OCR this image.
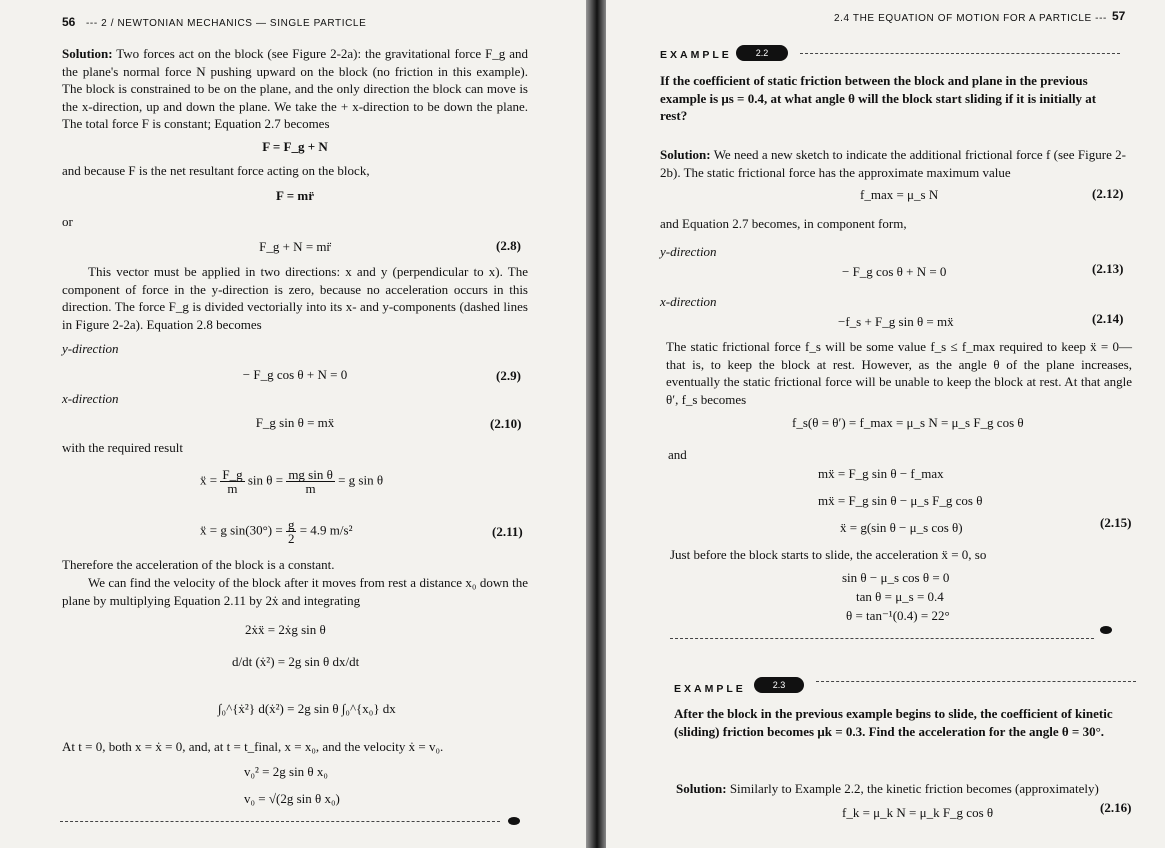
56 --- 2 / NEWTONIAN MECHANICS — SINGLE PARTICLE
Solution: Two forces act on the block (see Figure 2-2a): the gravitational force F_g and the plane's normal force N pushing upward on the block (no friction in this example). The block is constrained to be on the plane, and the only direction the block can move is the x-direction, up and down the plane. We take the + x-direction to be down the plane. The total force F is constant; Equation 2.7 becomes
F = F_g + N
and because F is the net resultant force acting on the block,
F = mr̈
or
F_g + N = mr̈	(2.8)
This vector must be applied in two directions: x and y (perpendicular to x). The component of force in the y-direction is zero, because no acceleration occurs in this direction. The force F_g is divided vectorially into its x- and y-components (dashed lines in Figure 2-2a). Equation 2.8 becomes
y-direction
− F_g cos θ + N = 0	(2.9)
x-direction
F_g sin θ = mẍ	(2.10)
with the required result
ẍ = $\frac{F\_g}{m}$ $\sin \theta = \frac{\text{mg sin θ}}{m} = g$ sin θ
ẍ = g $\sin(30^\circ) = \frac{g}{2} = 4.9$ m/s²	(2.11)
Therefore the acceleration of the block is a constant.
We can find the velocity of the block after it moves from rest a distance x₀ down the plane by multiplying Equation 2.11 by 2ẋ and integrating
2ẋẍ = 2ẋg sin θ
d/dt (ẋ²) = 2g sin θ dx/dt
∫₀^{ẋ²} d(ẋ²) = 2g sin θ ∫₀^{x₀} dx
At t = 0, both x = ẋ = 0, and, at t = t_final, x = x₀, and the velocity ẋ = v₀.
v₀² = 2g sin θ x₀
v₀ = √(2g sin θ x₀)
2.4 THE EQUATION OF MOTION FOR A PARTICLE --- 57
EXAMPLE	2.2
If the coefficient of static friction between the block and plane in the previous example is μs = 0.4, at what angle θ will the block start sliding if it is initially at rest?
Solution: We need a new sketch to indicate the additional frictional force f (see Figure 2-2b). The static frictional force has the approximate maximum value
f_max = μ_s N	(2.12)
and Equation 2.7 becomes, in component form,
y-direction
− F_g cos θ + N = 0	(2.13)
x-direction
−f_s + F_g sin θ = mẍ	(2.14)
The static frictional force f_s will be some value f_s ≤ f_max required to keep ẍ = 0—that is, to keep the block at rest. However, as the angle θ of the plane increases, eventually the static frictional force will be unable to keep the block at rest. At that angle θ′, f_s becomes
f_s(θ = θ′) = f_max = μ_s N = μ_s F_g cos θ
and
mẍ = F_g sin θ − f_max
mẍ = F_g sin θ − μ_s F_g cos θ
ẍ = g(sin θ − μ_s cos θ)	(2.15)
Just before the block starts to slide, the acceleration ẍ = 0, so
sin θ − μ_s cos θ = 0
tan θ = μ_s = 0.4
θ = tan⁻¹(0.4) = 22°
EXAMPLE	2.3
After the block in the previous example begins to slide, the coefficient of kinetic (sliding) friction becomes μk = 0.3. Find the acceleration for the angle θ = 30°.
Solution: Similarly to Example 2.2, the kinetic friction becomes (approximately)
f_k = μ_k N = μ_k F_g cos θ	(2.16)
